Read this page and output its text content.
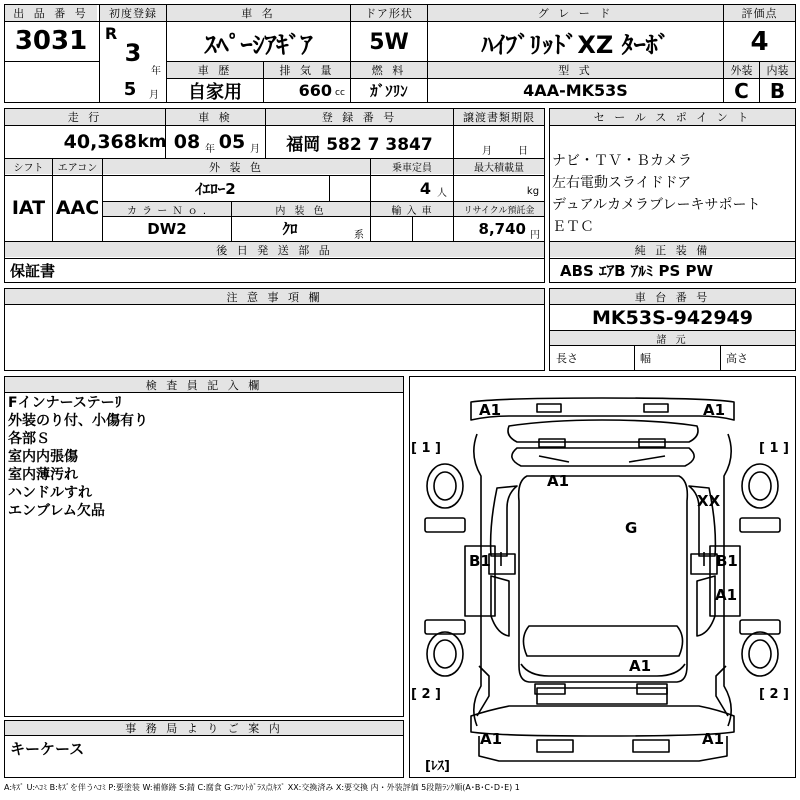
出 品 番 号
3031
初度登録
R
3
年
5	月
車 名
ｽﾍﾟｰｼｱｷﾞｱ
ドア形状
5W
グ レ ー ド
ﾊｲﾌﾞﾘｯﾄﾞXZ ﾀｰﾎﾞ
評価点
4
車 歴
自家用
排 気 量
660 cc
燃 料
ｶﾞｿﾘﾝ
型 式
4AA-MK53S
外装
C
内装
B
走 行
40,368 km
車 検
08 年 05 月
登 録 番 号
福岡 582 7 3847
譲渡書類期限
月	日
シフト
IAT
エアコン
AAC
外 装 色
ｲｴﾛｰ2
乗車定員
4 人
最大積載量
kg
カ ラ ー Ｎ ｏ .
DW2
内 装 色
ｸﾛ	系
輸 入 車	リサイクル預託金
8,740 円
後 日 発 送 部 品
保証書
注 意 事 項 欄
セ ー ル ス ポ イ ン ト
ナビ・ＴＶ・Ｂカメラ
左右電動スライドドア
デュアルカメラブレーキサポート
ＥＴＣ
純 正 装 備
ABS ｴｱB ｱﾙﾐ PS PW
車 台 番 号
MK53S-942949
諸 元
長さ	幅	高さ
検 査 員 記 入 欄
Fインナーステーﾘ
外装のり付、小傷有り
各部Ｓ
室内内張傷
室内薄汚れ
ハンドルすれ
エンブレム欠品
事 務 局 よ り ご 案 内
キーケース
A1	A1
A1
XX
G
B1	B1
A1
A1
A1	A1
[ 1 ]	[ 1 ]
[ 2 ]	[ 2 ]
[ﾚｽ]
A:ｷｽﾞ U:ﾍｺﾐ B:ｷｽﾞを伴うﾍｺﾐ P:要塗装 W:補修跡 S:錆 C:腐食 G:ﾌﾛﾝﾄｶﾞﾗｽ点ｷｽﾞ XX:交換済み X:要交換 内・外装評価 5段階ﾗﾝｸ順(A･B･C･D･E) 1
